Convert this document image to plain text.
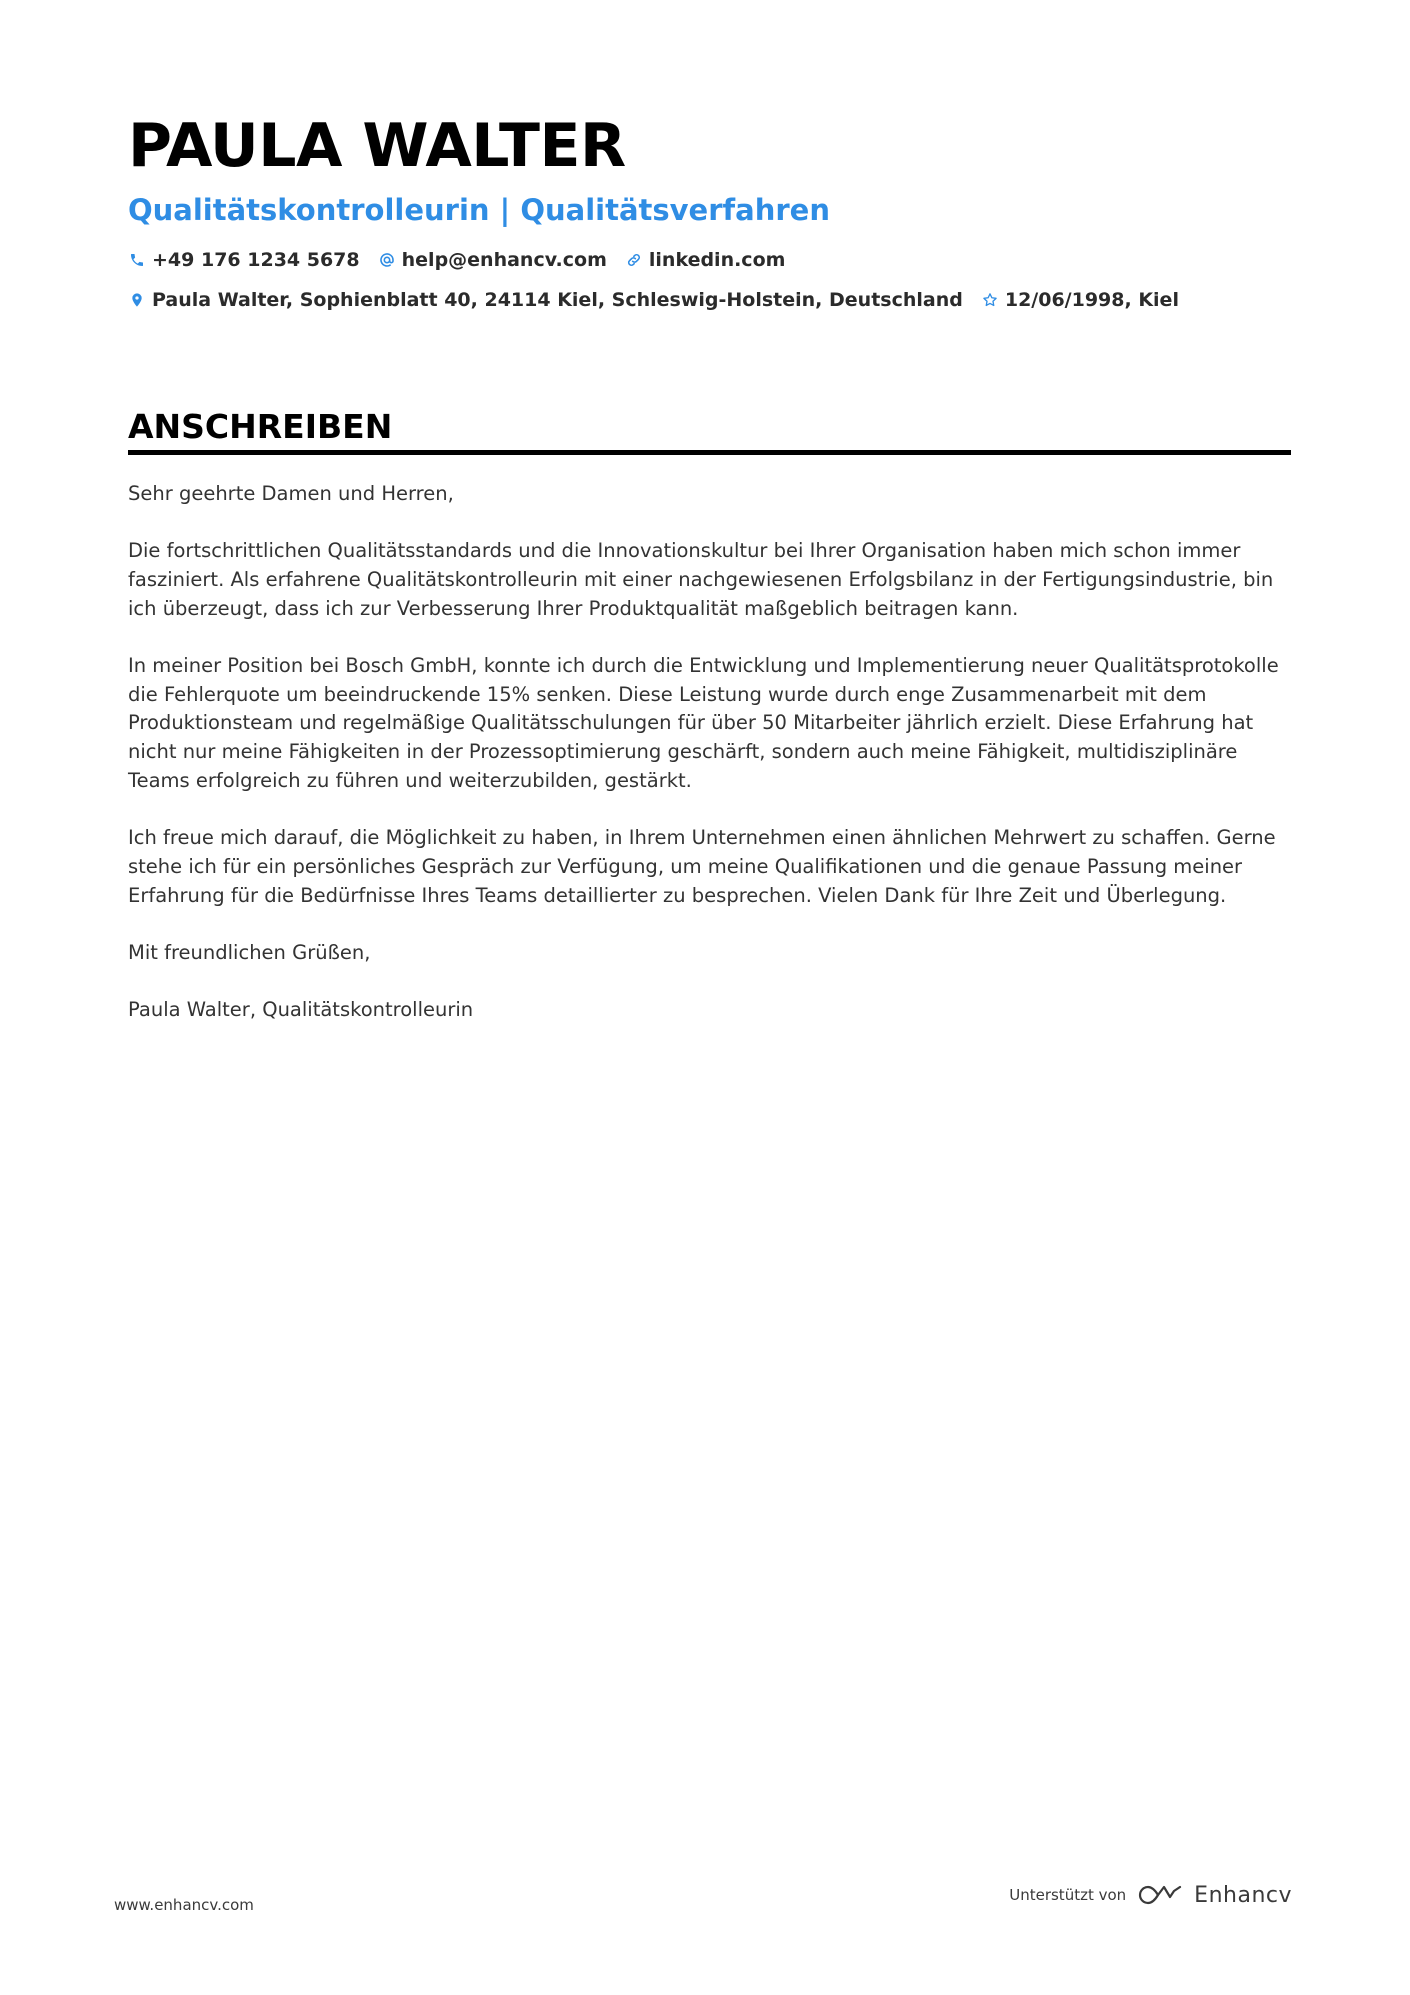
PAULA WALTER
Qualitätskontrolleurin | Qualitätsverfahren
+49 176 1234 5678 help@enhancv.com linkedin.com
Paula Walter, Sophienblatt 40, 24114 Kiel, Schleswig-Holstein, Deutschland 12/06/1998, Kiel
ANSCHREIBEN

Sehr geehrte Damen und Herren,

Die fortschrittlichen Qualitätsstandards und die Innovationskultur bei Ihrer Organisation haben mich schon immer fasziniert. Als erfahrene Qualitätskontrolleurin mit einer nachgewiesenen Erfolgsbilanz in der Fertigungsindustrie, bin ich überzeugt, dass ich zur Verbesserung Ihrer Produktqualität maßgeblich beitragen kann.

In meiner Position bei Bosch GmbH, konnte ich durch die Entwicklung und Implementierung neuer Qualitätsprotokolle die Fehlerquote um beeindruckende 15% senken. Diese Leistung wurde durch enge Zusammenarbeit mit dem Produktionsteam und regelmäßige Qualitätsschulungen für über 50 Mitarbeiter jährlich erzielt. Diese Erfahrung hat nicht nur meine Fähigkeiten in der Prozessoptimierung geschärft, sondern auch meine Fähigkeit, multidisziplinäre Teams erfolgreich zu führen und weiterzubilden, gestärkt.

Ich freue mich darauf, die Möglichkeit zu haben, in Ihrem Unternehmen einen ähnlichen Mehrwert zu schaffen. Gerne stehe ich für ein persönliches Gespräch zur Verfügung, um meine Qualifikationen und die genaue Passung meiner Erfahrung für die Bedürfnisse Ihres Teams detaillierter zu besprechen. Vielen Dank für Ihre Zeit und Überlegung.

Mit freundlichen Grüßen,

Paula Walter, Qualitätskontrolleurin

www.enhancv.com
Unterstützt von	Enhancv
